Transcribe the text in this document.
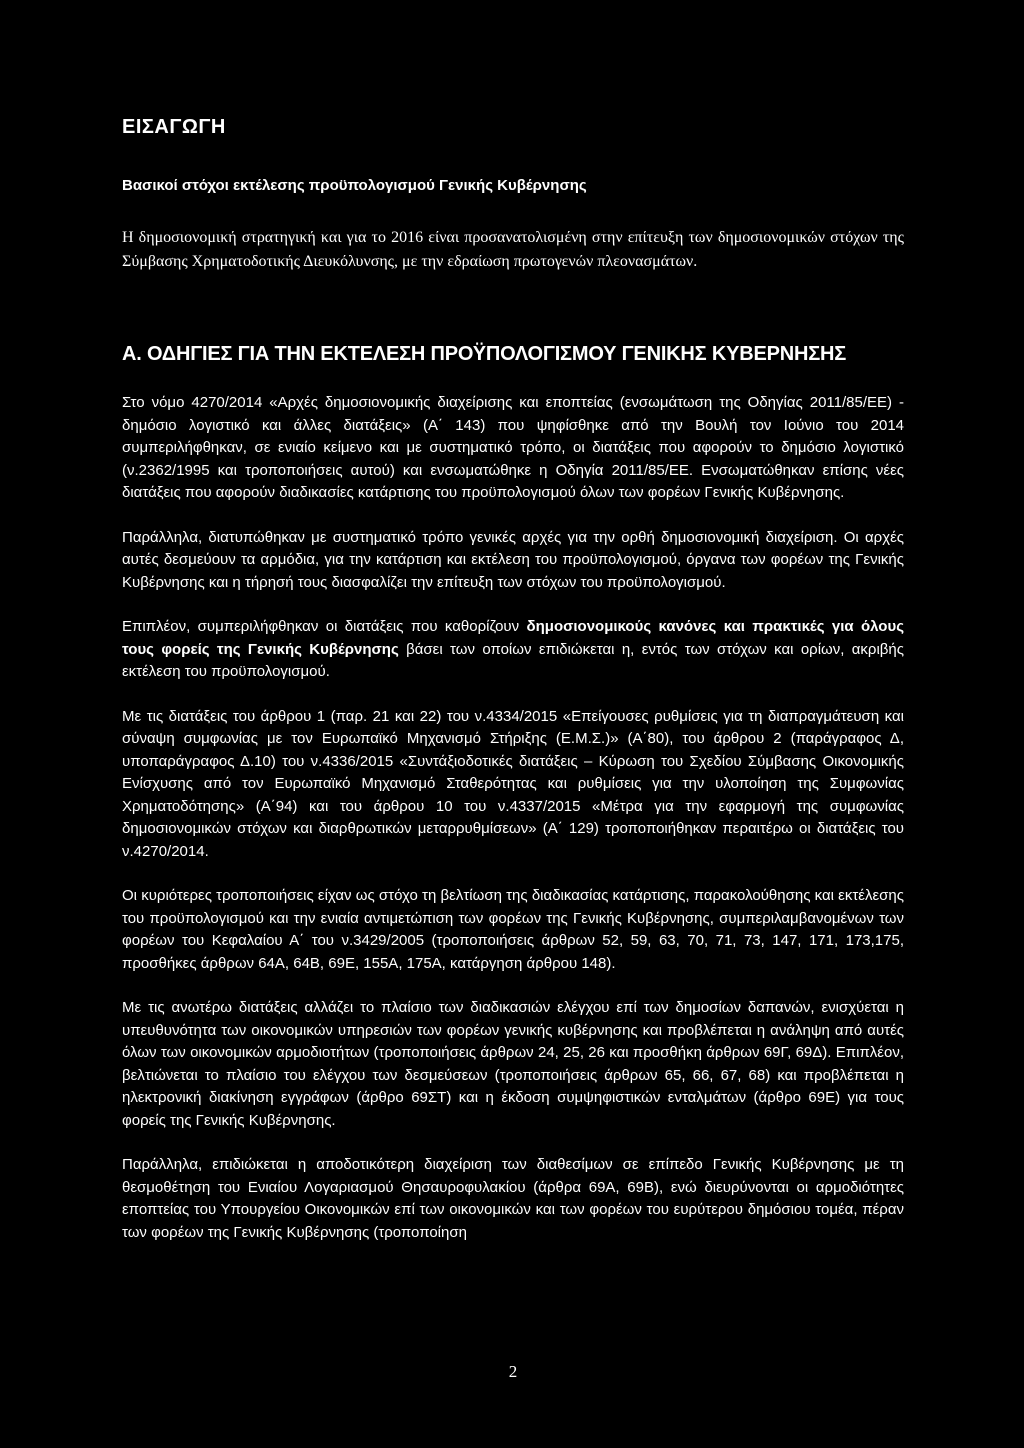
ΕΙΣΑΓΩΓΗ
Βασικοί στόχοι εκτέλεσης προϋπολογισμού Γενικής Κυβέρνησης
Η δημοσιονομική στρατηγική και για το 2016 είναι προσανατολισμένη στην επίτευξη των δημοσιονομικών στόχων της Σύμβασης Χρηματοδοτικής Διευκόλυνσης, με την εδραίωση πρωτογενών πλεονασμάτων.
Α. ΟΔΗΓΙΕΣ ΓΙΑ ΤΗΝ ΕΚΤΕΛΕΣΗ ΠΡΟΫΠΟΛΟΓΙΣΜΟΥ ΓΕΝΙΚΗΣ ΚΥΒΕΡΝΗΣΗΣ

Στο νόμο 4270/2014 «Αρχές δημοσιονομικής διαχείρισης και εποπτείας (ενσωμάτωση της Οδηγίας 2011/85/ΕΕ) - δημόσιο λογιστικό και άλλες διατάξεις» (Α΄ 143) που ψηφίσθηκε από την Βουλή τον Ιούνιο του 2014 συμπεριλήφθηκαν, σε ενιαίο κείμενο και με συστηματικό τρόπο, οι διατάξεις που αφορούν το δημόσιο λογιστικό (ν.2362/1995 και τροποποιήσεις αυτού) και ενσωματώθηκε η Οδηγία 2011/85/ΕΕ. Ενσωματώθηκαν επίσης νέες διατάξεις που αφορούν διαδικασίες κατάρτισης του προϋπολογισμού όλων των φορέων Γενικής Κυβέρνησης.

Παράλληλα, διατυπώθηκαν με συστηματικό τρόπο γενικές αρχές για την ορθή δημοσιονομική διαχείριση. Οι αρχές αυτές δεσμεύουν τα αρμόδια, για την κατάρτιση και εκτέλεση του προϋπολογισμού, όργανα των φορέων της Γενικής Κυβέρνησης και η τήρησή τους διασφαλίζει την επίτευξη των στόχων του προϋπολογισμού.

Επιπλέον, συμπεριλήφθηκαν οι διατάξεις που καθορίζουν δημοσιονομικούς κανόνες και πρακτικές για όλους τους φορείς της Γενικής Κυβέρνησης βάσει των οποίων επιδιώκεται η, εντός των στόχων και ορίων, ακριβής εκτέλεση του προϋπολογισμού.

Με τις διατάξεις του άρθρου 1 (παρ. 21 και 22) του ν.4334/2015 «Επείγουσες ρυθμίσεις για τη διαπραγμάτευση και σύναψη συμφωνίας με τον Ευρωπαϊκό Μηχανισμό Στήριξης (Ε.Μ.Σ.)» (Α΄80), του άρθρου 2 (παράγραφος Δ, υποπαράγραφος Δ.10) του ν.4336/2015 «Συντάξιοδοτικές διατάξεις – Κύρωση του Σχεδίου Σύμβασης Οικονομικής Ενίσχυσης από τον Ευρωπαϊκό Μηχανισμό Σταθερότητας και ρυθμίσεις για την υλοποίηση της Συμφωνίας Χρηματοδότησης» (Α΄94) και του άρθρου 10 του ν.4337/2015 «Μέτρα για την εφαρμογή της συμφωνίας δημοσιονομικών στόχων και διαρθρωτικών μεταρρυθμίσεων» (Α΄ 129) τροποποιήθηκαν περαιτέρω οι διατάξεις του ν.4270/2014.

Οι κυριότερες τροποποιήσεις είχαν ως στόχο τη βελτίωση της διαδικασίας κατάρτισης, παρακολούθησης και εκτέλεσης του προϋπολογισμού και την ενιαία αντιμετώπιση των φορέων της Γενικής Κυβέρνησης, συμπεριλαμβανομένων των φορέων του Κεφαλαίου Α΄ του ν.3429/2005 (τροποποιήσεις άρθρων 52, 59, 63, 70, 71, 73, 147, 171, 173,175, προσθήκες άρθρων 64Α, 64Β, 69Ε, 155Α, 175Α, κατάργηση άρθρου 148).

Με τις ανωτέρω διατάξεις αλλάζει το πλαίσιο των διαδικασιών ελέγχου επί των δημοσίων δαπανών, ενισχύεται η υπευθυνότητα των οικονομικών υπηρεσιών των φορέων γενικής κυβέρνησης και προβλέπεται η ανάληψη από αυτές όλων των οικονομικών αρμοδιοτήτων (τροποποιήσεις άρθρων 24, 25, 26 και προσθήκη άρθρων 69Γ, 69Δ). Επιπλέον, βελτιώνεται το πλαίσιο του ελέγχου των δεσμεύσεων (τροποποιήσεις άρθρων 65, 66, 67, 68) και προβλέπεται η ηλεκτρονική διακίνηση εγγράφων (άρθρο 69ΣΤ) και η έκδοση συμψηφιστικών ενταλμάτων (άρθρο 69Ε) για τους φορείς της Γενικής Κυβέρνησης.

Παράλληλα, επιδιώκεται η αποδοτικότερη διαχείριση των διαθεσίμων σε επίπεδο Γενικής Κυβέρνησης με τη θεσμοθέτηση του Ενιαίου Λογαριασμού Θησαυροφυλακίου (άρθρα 69Α, 69Β), ενώ διευρύνονται οι αρμοδιότητες εποπτείας του Υπουργείου Οικονομικών επί των οικονομικών και των φορέων του ευρύτερου δημόσιου τομέα, πέραν των φορέων της Γενικής Κυβέρνησης (τροποποίηση

2
